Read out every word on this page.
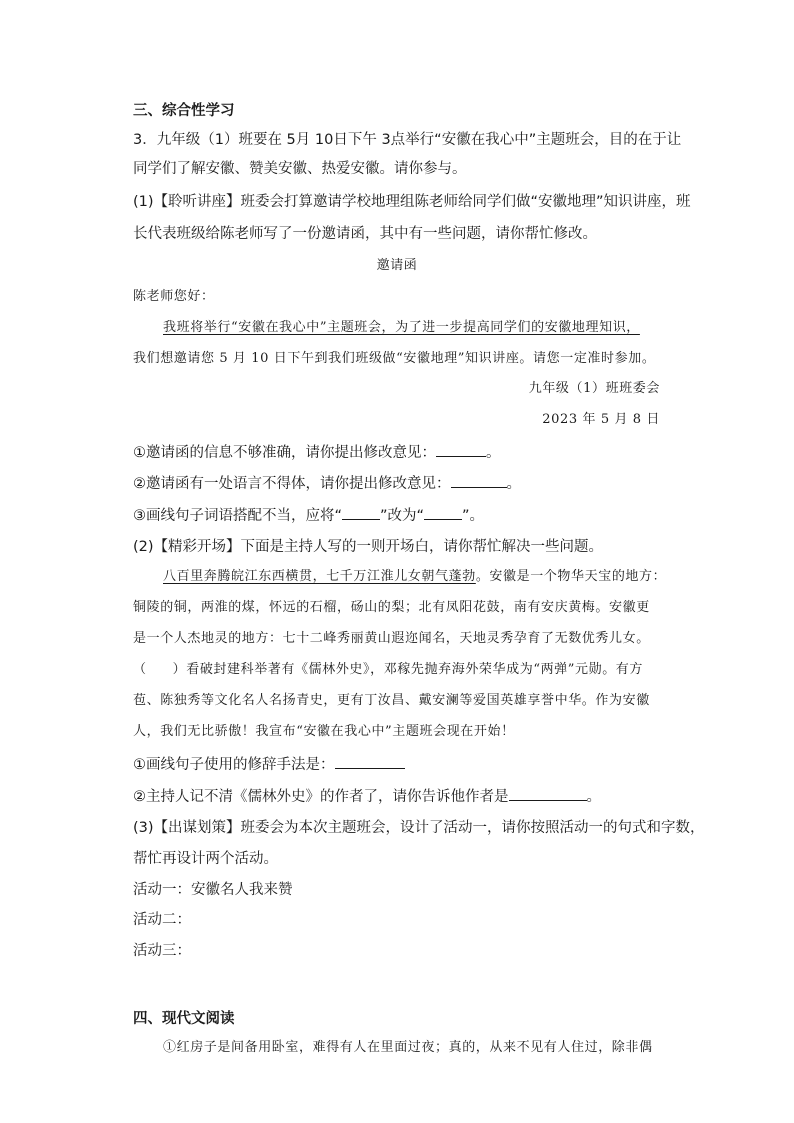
三、综合性学习
3．九年级（1）班要在 5月 10日下午 3点举行“安徽在我心中”主题班会，目的在于让
同学们了解安徽、赞美安徽、热爱安徽。请你参与。
(1)【聆听讲座】班委会打算邀请学校地理组陈老师给同学们做“安徽地理”知识讲座，班
长代表班级给陈老师写了一份邀请函，其中有一些问题，请你帮忙修改。
邀请函
陈老师您好：
我班将举行“安徽在我心中”主题班会，为了进一步提高同学们的安徽地理知识，
我们想邀请您 5 月 10 日下午到我们班级做“安徽地理”知识讲座。请您一定准时参加。
九年级（1）班班委会
2023 年 5 月 8 日
①邀请函的信息不够准确，请你提出修改意见：	。
②邀请函有一处语言不得体，请你提出修改意见：	。
③画线句子词语搭配不当，应将“	”改为“	”。
(2)【精彩开场】下面是主持人写的一则开场白，请你帮忙解决一些问题。
八百里奔腾皖江东西横贯，七千万江淮儿女朝气蓬勃。安徽是一个物华天宝的地方：
铜陵的铜，两淮的煤，怀远的石榴，砀山的梨；北有凤阳花鼓，南有安庆黄梅。安徽更
是一个人杰地灵的地方：七十二峰秀丽黄山遐迩闻名，天地灵秀孕育了无数优秀儿女。
（ ）看破封建科举著有《儒林外史》，邓稼先抛弃海外荣华成为“两弹”元勋。有方
苞、陈独秀等文化名人名扬青史，更有丁汝昌、戴安澜等爱国英雄享誉中华。作为安徽
人，我们无比骄傲！我宣布“安徽在我心中”主题班会现在开始！
①画线句子使用的修辞手法是：
②主持人记不清《儒林外史》的作者了，请你告诉他作者是	。
(3)【出谋划策】班委会为本次主题班会，设计了活动一，请你按照活动一的句式和字数，
帮忙再设计两个活动。
活动一：安徽名人我来赞
活动二：
活动三：
四、现代文阅读
①红房子是间备用卧室，难得有人在里面过夜；真的，从来不见有人住过，除非偶
